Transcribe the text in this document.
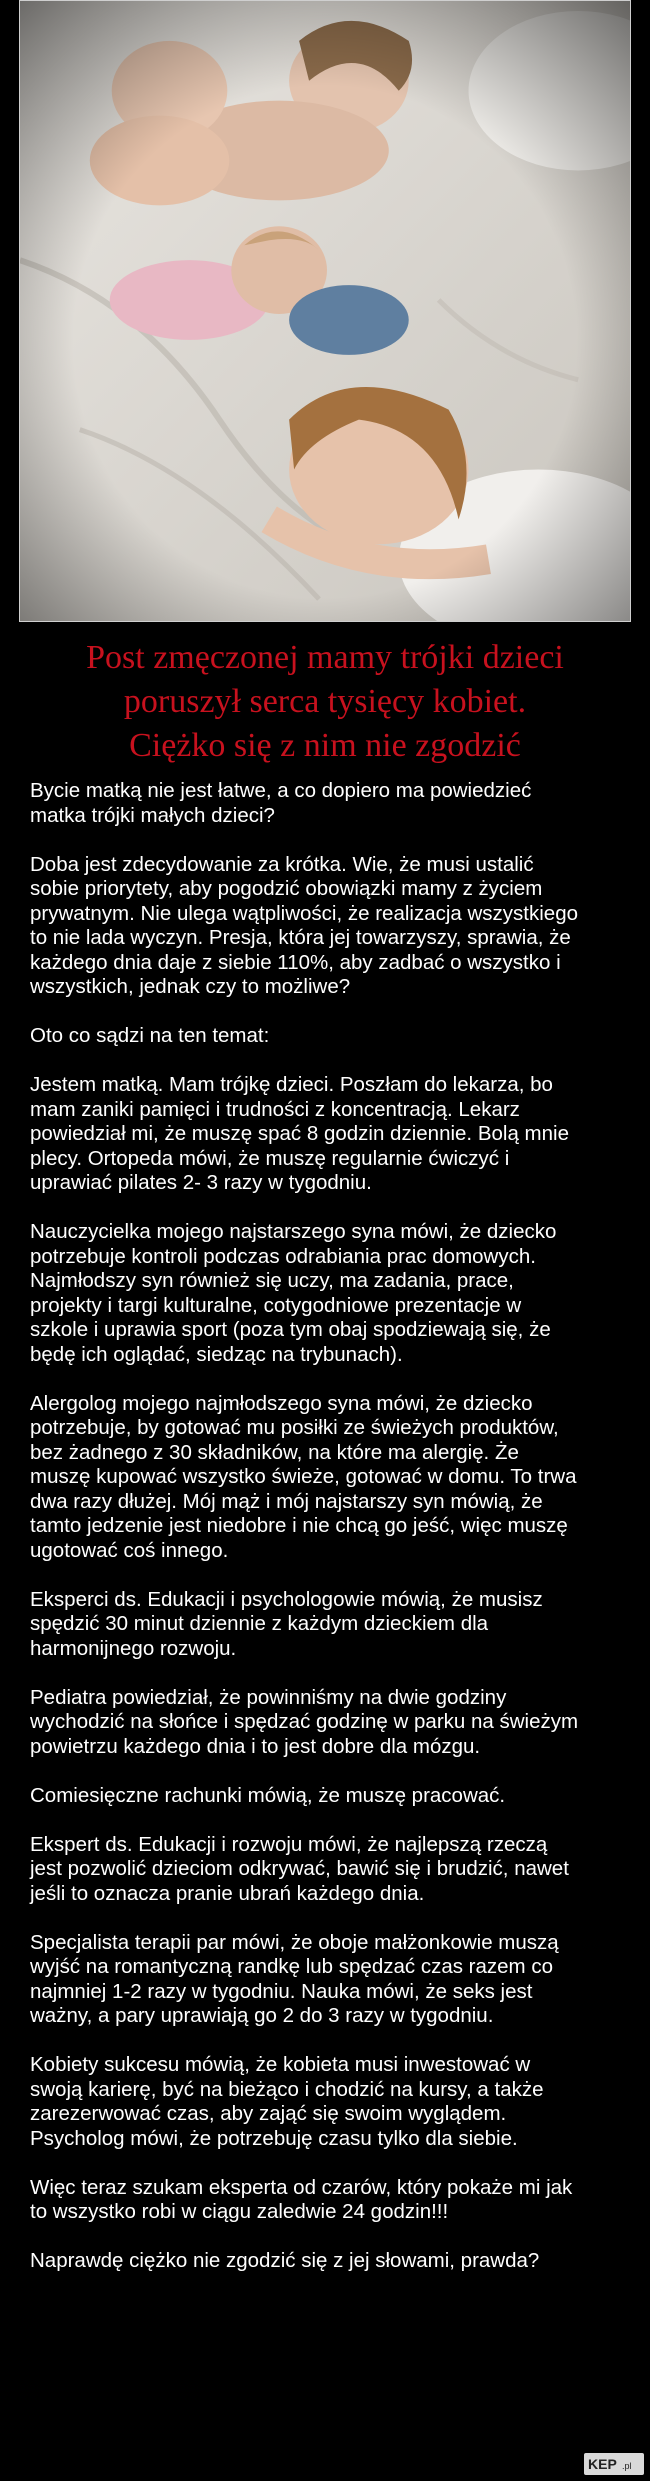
Post zmęczonej mamy trójki dzieci
poruszył serca tysięcy kobiet.
Ciężko się z nim nie zgodzić

Bycie matką nie jest łatwe, a co dopiero ma powiedzieć
matka trójki małych dzieci?

Doba jest zdecydowanie za krótka. Wie, że musi ustalić
sobie priorytety, aby pogodzić obowiązki mamy z życiem
prywatnym. Nie ulega wątpliwości, że realizacja wszystkiego
to nie lada wyczyn. Presja, która jej towarzyszy, sprawia, że
każdego dnia daje z siebie 110%, aby zadbać o wszystko i
wszystkich, jednak czy to możliwe?

Oto co sądzi na ten temat:

Jestem matką. Mam trójkę dzieci. Poszłam do lekarza, bo
mam zaniki pamięci i trudności z koncentracją. Lekarz
powiedział mi, że muszę spać 8 godzin dziennie. Bolą mnie
plecy. Ortopeda mówi, że muszę regularnie ćwiczyć i
uprawiać pilates 2- 3 razy w tygodniu.

Nauczycielka mojego najstarszego syna mówi, że dziecko
potrzebuje kontroli podczas odrabiania prac domowych.
Najmłodszy syn również się uczy, ma zadania, prace,
projekty i targi kulturalne, cotygodniowe prezentacje w
szkole i uprawia sport (poza tym obaj spodziewają się, że
będę ich oglądać, siedząc na trybunach).

Alergolog mojego najmłodszego syna mówi, że dziecko
potrzebuje, by gotować mu posiłki ze świeżych produktów,
bez żadnego z 30 składników, na które ma alergię. Że
muszę kupować wszystko świeże, gotować w domu. To trwa
dwa razy dłużej. Mój mąż i mój najstarszy syn mówią, że
tamto jedzenie jest niedobre i nie chcą go jeść, więc muszę
ugotować coś innego.

Eksperci ds. Edukacji i psychologowie mówią, że musisz
spędzić 30 minut dziennie z każdym dzieckiem dla
harmonijnego rozwoju.

Pediatra powiedział, że powinniśmy na dwie godziny
wychodzić na słońce i spędzać godzinę w parku na świeżym
powietrzu każdego dnia i to jest dobre dla mózgu.

Comiesięczne rachunki mówią, że muszę pracować.

Ekspert ds. Edukacji i rozwoju mówi, że najlepszą rzeczą
jest pozwolić dzieciom odkrywać, bawić się i brudzić, nawet
jeśli to oznacza pranie ubrań każdego dnia.

Specjalista terapii par mówi, że oboje małżonkowie muszą
wyjść na romantyczną randkę lub spędzać czas razem co
najmniej 1-2 razy w tygodniu. Nauka mówi, że seks jest
ważny, a pary uprawiają go 2 do 3 razy w tygodniu.

Kobiety sukcesu mówią, że kobieta musi inwestować w
swoją karierę, być na bieżąco i chodzić na kursy, a także
zarezerwować czas, aby zająć się swoim wyglądem.
Psycholog mówi, że potrzebuję czasu tylko dla siebie.

Więc teraz szukam eksperta od czarów, który pokaże mi jak
to wszystko robi w ciągu zaledwie 24 godzin!!!

Naprawdę ciężko nie zgodzić się z jej słowami, prawda?

KEP .pl
